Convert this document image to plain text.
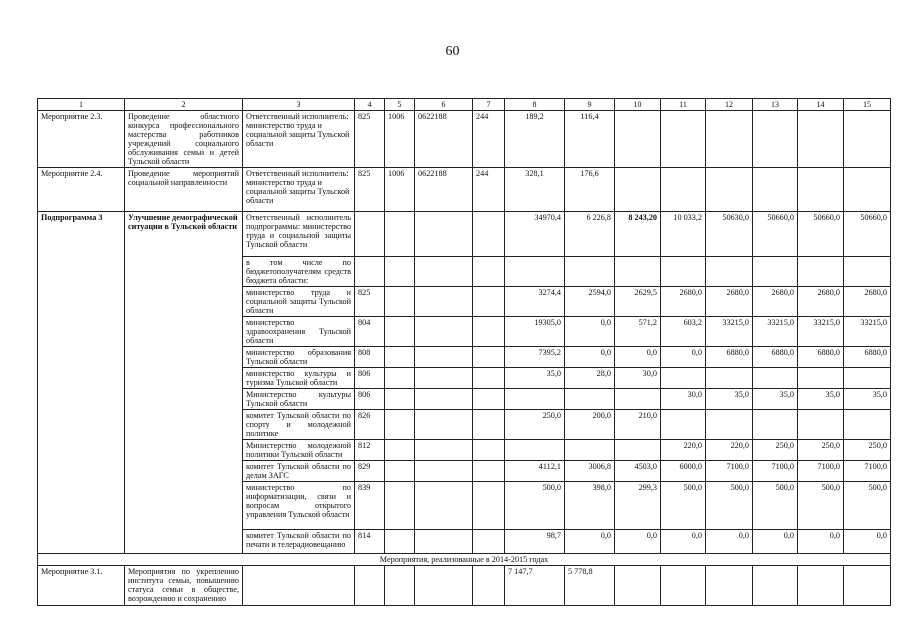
60
1	2	3	4	5	6	7	8	9	10	11	12	13	14	15
Мероприятие 2.3.	Проведение областного конкурса профессионального мастерства работников учреждений социального обслуживания семьи и детей Тульской области	Ответственный исполнитель: министерство труда и социальной защиты Тульской области	825	1006	0622188	244	189,2	116,4						
Мероприятие 2.4.	Проведение мероприятий социальной направленности	Ответственный исполнитель: министерство труда и социальной защиты Тульской области	825	1006	0622188	244	328,1	176,6						
Подпрограмма 3	Улучшение демографической ситуации в Тульской области	Ответственный исполнитель подпрограммы: министерство труда и социальной защиты Тульской области					34970,4	6 226,8	8 243,20	10 033,2	50630,0	50660,0	50660,0	50660,0
		в том числе по бюджетополучателям средств бюджета области:												
		министерство труда и социальной защиты Тульской области	825				3274,4	2594,0	2629,5	2680,0	2680,0	2680,0	2680,0	2680,0
		министерство здравоохранения Тульской области	804				19305,0	0,0	571,2	603,2	33215,0	33215,0	33215,0	33215,0
		министерство образования Тульской области	808				7395,2	0,0	0,0	0,0	6880,0	6880,0	6880,0	6880,0
		министерство культуры и туризма Тульской области	806				35,0	28,0	30,0					
		Министерство культуры Тульской области	806							30,0	35,0	35,0	35,0	35,0
		комитет Тульской области по спорту и молодежной политике	826				250,0	200,0	210,0					
		Министерство молодежной политики Тульской области	812							220,0	220,0	250,0	250,0	250,0
		комитет Тульской области по делам ЗАГС	829				4112,1	3006,8	4503,0	6000,0	7100,0	7100,0	7100,0	7100,0
		министерство по информатизации, связи и вопросам открытого управления Тульской области	839				500,0	398,0	299,3	500,0	500,0	500,0	500,0	500,0
		комитет Тульской области по печати и телерадиовещанию	814				98,7	0,0	0,0	0,0	0,0	0,0	0,0	0,0
Мероприятия, реализованные в 2014-2015 годах														
Мероприятие 3.1.	Мероприятия по укреплению института семьи, повышению статуса семьи в обществе, возрождению и сохранению						7 147,7	5 778,8						
